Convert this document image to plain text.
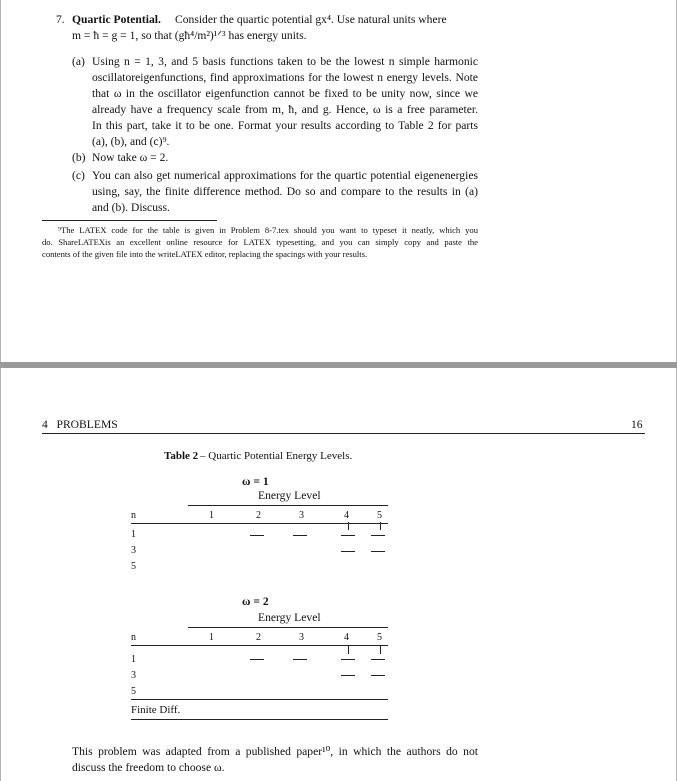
7. Quartic Potential. Consider the quartic potential gx⁴. Use natural units where
m = ħ = g = 1, so that (għ⁴/m²)¹ᐟ³ has energy units.
(a) Using n = 1, 3, and 5 basis functions taken to be the lowest n simple harmonic
oscillatoreigenfunctions, find approximations for the lowest n energy levels. Note
that ω in the oscillator eigenfunction cannot be fixed to be unity now, since we
already have a frequency scale from m, ħ, and g. Hence, ω is a free parameter.
In this part, take it to be one. Format your results according to Table 2 for parts
(a), (b), and (c)⁹.
(b) Now take ω = 2.
(c) You can also get numerical approximations for the quartic potential eigenenergies
using, say, the finite difference method. Do so and compare to the results in (a)
and (b). Discuss.
⁹The LATEX code for the table is given in Problem 8-7.tex should you want to typeset it neatly, which you
do. ShareLATEXis an excellent online resource for LATEX typesetting, and you can simply copy and paste the
contents of the given file into the writeLATEX editor, replacing the spacings with your results.
4   PROBLEMS	16
Table 2 – Quartic Potential Energy Levels.
ω = 1
Energy Level
n	1	2	3	4	5
1
3
5
ω = 2
Energy Level
n	1	2	3	4	5
1
3
5
Finite Diff.
This problem was adapted from a published paper¹⁰, in which the authors do not
discuss the freedom to choose ω.
